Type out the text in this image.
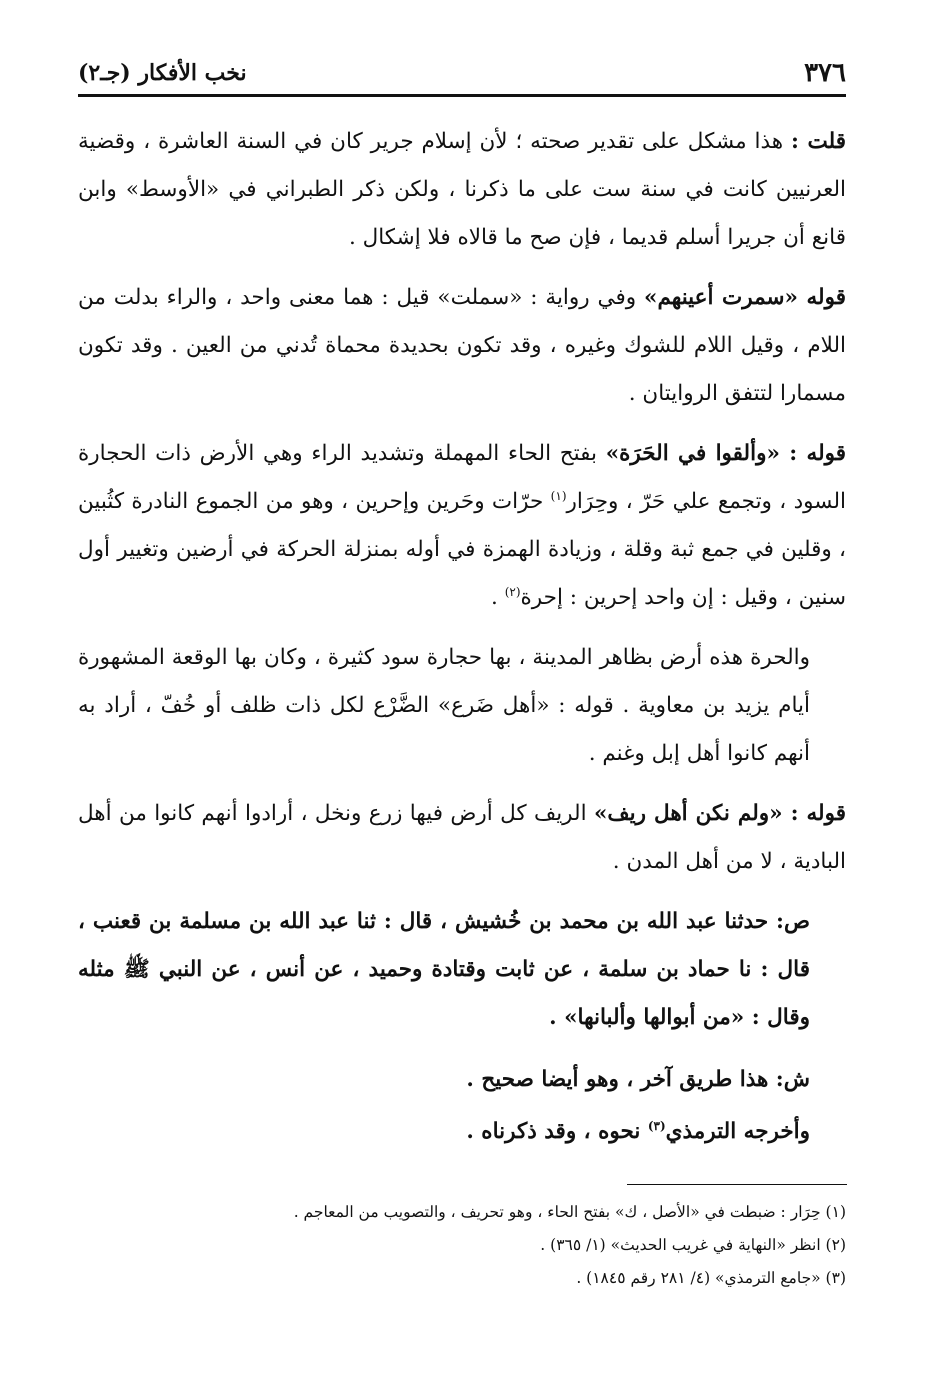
٣٧٦
نخب الأفكار (جـ٢)

قلت : هذا مشكل على تقدير صحته ؛ لأن إسلام جرير كان في السنة العاشرة ، وقضية العرنيين كانت في سنة ست على ما ذكرنا ، ولكن ذكر الطبراني في «الأوسط» وابن قانع أن جريرا أسلم قديما ، فإن صح ما قالاه فلا إشكال .

قوله «سمرت أعينهم» وفي رواية : «سملت» قيل : هما معنى واحد ، والراء بدلت من اللام ، وقيل اللام للشوك وغيره ، وقد تكون بحديدة محماة تُدني من العين . وقد تكون مسمارا لتتفق الروايتان .

قوله : «وألقوا في الحَرَة» بفتح الحاء المهملة وتشديد الراء وهي الأرض ذات الحجارة السود ، وتجمع علي حَرّ ، وحِرَار$^{(١)}$ حرّات وحَرين وإحرين ، وهو من الجموع النادرة كثُبين ، وقلين في جمع ثبة وقلة ، وزيادة الهمزة في أوله بمنزلة الحركة في أرضين وتغيير أول سنين ، وقيل : إن واحد إحرين : إحرة$^{(٢)}$ .

والحرة هذه أرض بظاهر المدينة ، بها حجارة سود كثيرة ، وكان بها الوقعة المشهورة أيام يزيد بن معاوية . قوله : «أهل ضَرع» الضَّرْع لكل ذات ظلف أو خُفّ ، أراد به أنهم كانوا أهل إبل وغنم .

قوله : «ولم نكن أهل ريف» الريف كل أرض فيها زرع ونخل ، أرادوا أنهم كانوا من أهل البادية ، لا من أهل المدن .

ص: حدثنا عبد الله بن محمد بن خُشيش ، قال : ثنا عبد الله بن مسلمة بن قعنب ، قال : نا حماد بن سلمة ، عن ثابت وقتادة وحميد ، عن أنس ، عن النبي ﷺ مثله وقال : «من أبوالها وألبانها» .

ش: هذا طريق آخر ، وهو أيضا صحيح .

وأخرجه الترمذي$^{(٣)}$ نحوه ، وقد ذكرناه .

(١) حِرَار : ضبطت في «الأصل ، ك» بفتح الحاء ، وهو تحريف ، والتصويب من المعاجم .

(٢) انظر «النهاية في غريب الحديث» (١/ ٣٦٥) .

(٣) «جامع الترمذي» (٤/ ٢٨١ رقم ١٨٤٥) .
